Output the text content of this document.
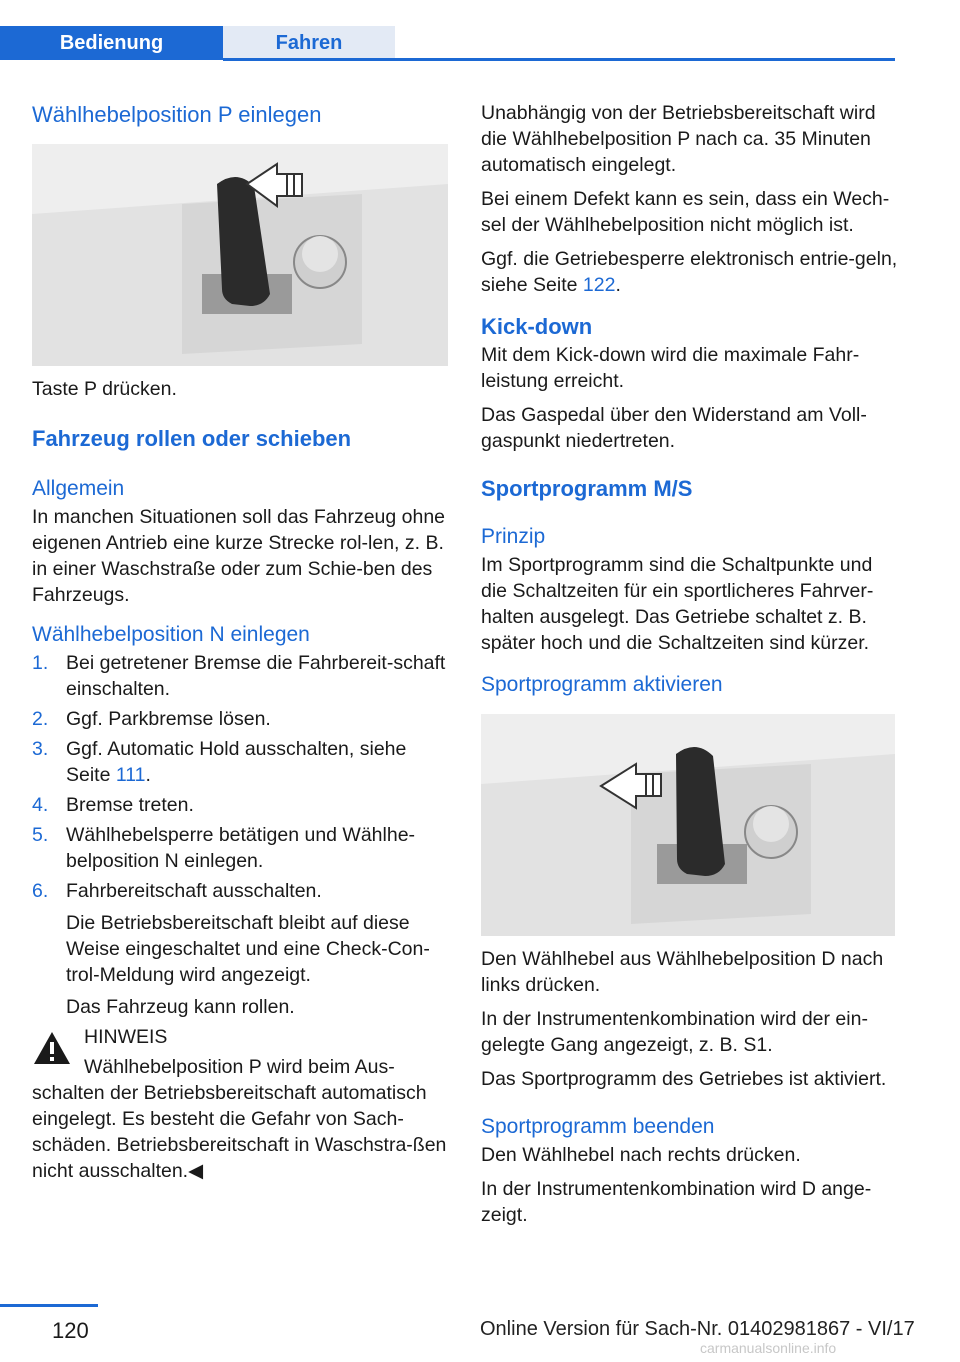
Bedienung	Fahren
Wählhebelposition P einlegen

Taste P drücken.

Fahrzeug rollen oder schieben
Allgemein

In manchen Situationen soll das Fahrzeug ohne eigenen Antrieb eine kurze Strecke rol‐len, z. B. in einer Waschstraße oder zum Schie‐ben des Fahrzeugs.

Wählhebelposition N einlegen
1. Bei getretener Bremse die Fahrbereit‐schaft einschalten.
2. Ggf. Parkbremse lösen.
3. Ggf. Automatic Hold ausschalten, siehe Seite 111.
4. Bremse treten.
5. Wählhebelsperre betätigen und Wählhe‐belposition N einlegen.
6. Fahrbereitschaft ausschalten.
Die Betriebsbereitschaft bleibt auf diese Weise eingeschaltet und eine Check-Con‐trol-Meldung wird angezeigt.
Das Fahrzeug kann rollen.
HINWEIS
Wählhebelposition P wird beim Aus‐

schalten der Betriebsbereitschaft automatisch eingelegt. Es besteht die Gefahr von Sach‐schäden. Betriebsbereitschaft in Waschstra‐ßen nicht ausschalten.◀

Unabhängig von der Betriebsbereitschaft wird die Wählhebelposition P nach ca. 35 Minuten automatisch eingelegt.

Bei einem Defekt kann es sein, dass ein Wech‐sel der Wählhebelposition nicht möglich ist.

Ggf. die Getriebesperre elektronisch entrie‐geln, siehe Seite 122.

Kick-down

Mit dem Kick-down wird die maximale Fahr‐leistung erreicht.

Das Gaspedal über den Widerstand am Voll‐gaspunkt niedertreten.

Sportprogramm M/S
Prinzip

Im Sportprogramm sind die Schaltpunkte und die Schaltzeiten für ein sportlicheres Fahrver‐halten ausgelegt. Das Getriebe schaltet z. B. später hoch und die Schaltzeiten sind kürzer.

Sportprogramm aktivieren

Den Wählhebel aus Wählhebelposition D nach links drücken.

In der Instrumentenkombination wird der ein‐gelegte Gang angezeigt, z. B. S1.

Das Sportprogramm des Getriebes ist aktiviert.

Sportprogramm beenden

Den Wählhebel nach rechts drücken.

In der Instrumentenkombination wird D ange‐zeigt.

120	Online Version für Sach-Nr. 01402981867 - VI/17
carmanualsonline.info
